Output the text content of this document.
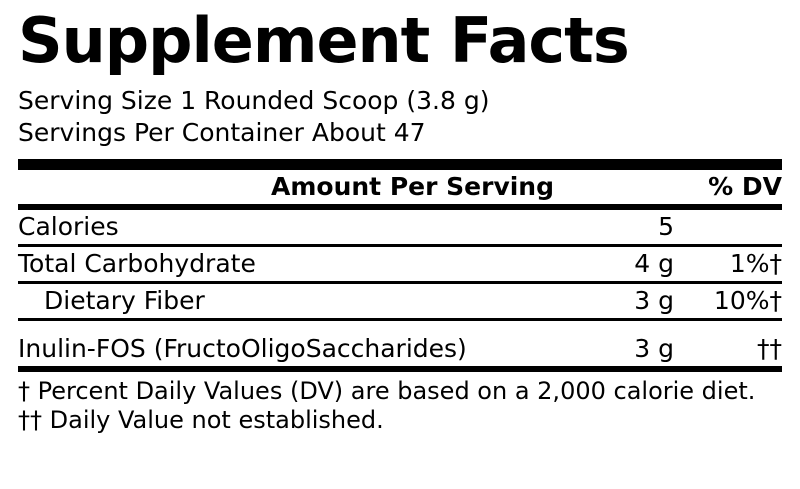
Supplement Facts
Serving Size 1 Rounded Scoop (3.8 g)
Servings Per Container About 47
Amount Per Serving		% DV
Calories	5	
Total Carbohydrate	4 g	1%†
Dietary Fiber	3 g	10%†

Inulin-FOS (FructoOligoSaccharides)	3 g	††
† Percent Daily Values (DV) are based on a 2,000 calorie diet.
†† Daily Value not established.
